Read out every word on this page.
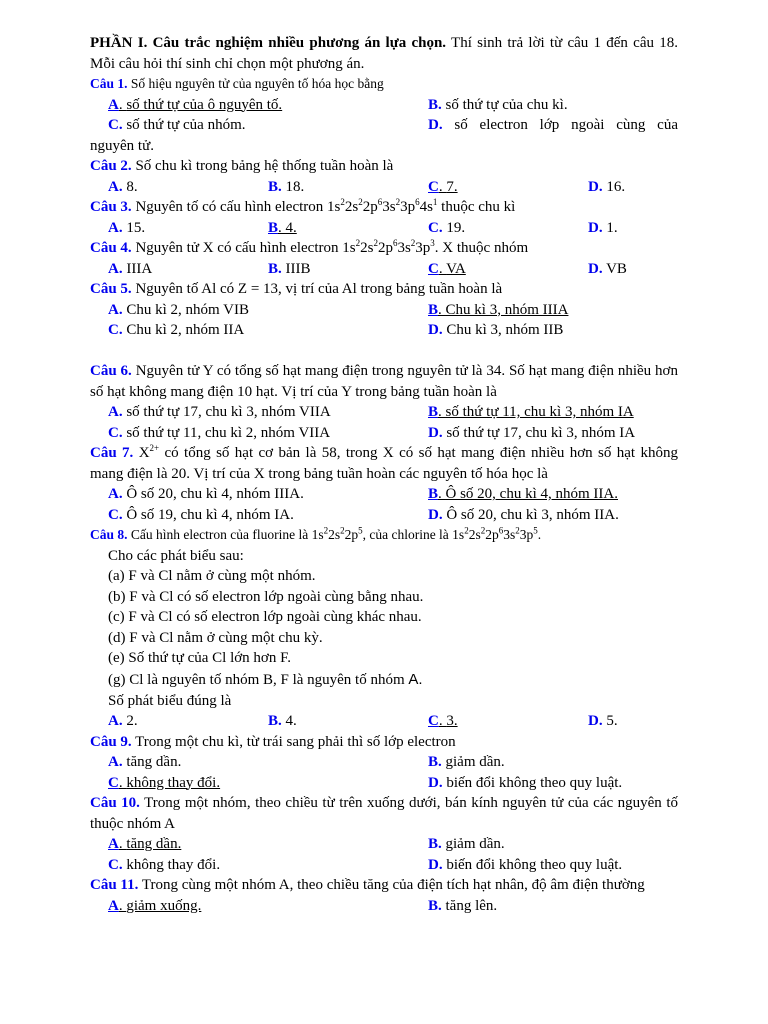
PHẦN I. Câu trắc nghiệm nhiều phương án lựa chọn. Thí sinh trả lời từ câu 1 đến câu 18. Mỗi câu hỏi thí sinh chỉ chọn một phương án.
Câu 1. Số hiệu nguyên tử của nguyên tố hóa học bằng
A. số thứ tự của ô nguyên tố.	B. số thứ tự của chu kì.
C. số thứ tự của nhóm.	D. số electron lớp ngoài cùng của
nguyên tử.
Câu 2. Số chu kì trong bảng hệ thống tuần hoàn là
A. 8.	B. 18.	C. 7.	D. 16.
Câu 3. Nguyên tố có cấu hình electron $1s^22s^22p^63s^23p^64s^1$ thuộc chu kì
A. 15.	B. 4.	C. 19.	D. 1.
Câu 4. Nguyên tử X có cấu hình electron $1s^22s^22p^63s^23p^3$. X thuộc nhóm
A. IIIA	B. IIIB	C. VA	D. VB
Câu 5. Nguyên tố Al có Z = 13, vị trí của Al trong bảng tuần hoàn là
A. Chu kì 2, nhóm VIB	B. Chu kì 3, nhóm IIIA
C. Chu kì 2, nhóm IIA	D. Chu kì 3, nhóm IIB
Câu 6. Nguyên tử Y có tổng số hạt mang điện trong nguyên tử là 34. Số hạt mang điện nhiều hơn số hạt không mang điện 10 hạt. Vị trí của Y trong bảng tuần hoàn là
A. số thứ tự 17, chu kì 3, nhóm VIIA	B. số thứ tự 11, chu kì 3, nhóm IA
C. số thứ tự 11, chu kì 2, nhóm VIIA	D. số thứ tự 17, chu kì 3, nhóm IA
Câu 7. $X^{2+}$ có tổng số hạt cơ bản là 58, trong X có số hạt mang điện nhiều hơn số hạt không mang điện là 20. Vị trí của X trong bảng tuần hoàn các nguyên tố hóa học là
A. Ô số 20, chu kì 4, nhóm IIIA.	B. Ô số 20, chu kì 4, nhóm IIA.
C. Ô số 19, chu kì 4, nhóm IA.	D. Ô số 20, chu kì 3, nhóm IIA.
Câu 8. Cấu hình electron của fluorine là $1s^22s^22p^5$, của chlorine là $1s^22s^22p^63s^23p^5$.
Cho các phát biểu sau:
(a) F và Cl nằm ở cùng một nhóm.
(b) F và Cl có số electron lớp ngoài cùng bằng nhau.
(c) F và Cl có số electron lớp ngoài cùng khác nhau.
(d) F và Cl nằm ở cùng một chu kỳ.
(e) Số thứ tự của Cl lớn hơn F.
(g) Cl là nguyên tố nhóm B, F là nguyên tố nhóm A.
Số phát biểu đúng là
A. 2.	B. 4.	C. 3.	D. 5.
Câu 9. Trong một chu kì, từ trái sang phải thì số lớp electron
A. tăng dần.	B. giảm dần.
C. không thay đổi.	D. biến đổi không theo quy luật.
Câu 10. Trong một nhóm, theo chiều từ trên xuống dưới, bán kính nguyên tử của các nguyên tố thuộc nhóm A
A. tăng dần.	B. giảm dần.
C. không thay đổi.	D. biến đổi không theo quy luật.
Câu 11. Trong cùng một nhóm A, theo chiều tăng của điện tích hạt nhân, độ âm điện thường
A. giảm xuống.	B. tăng lên.
